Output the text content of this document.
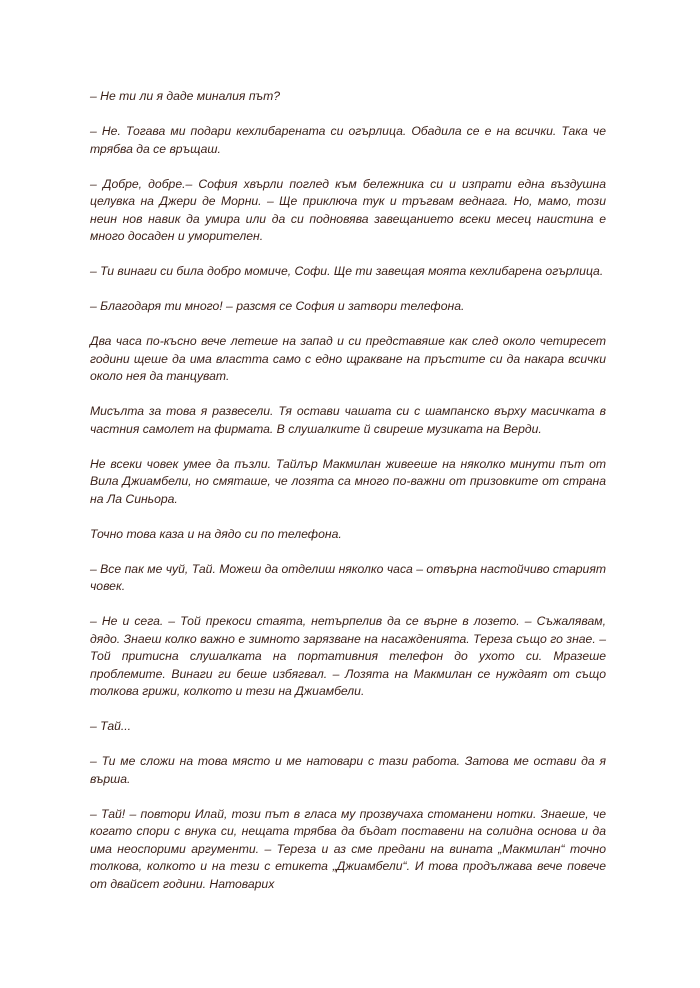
– Не ти ли я даде миналия път?

– Не. Тогава ми подари кехлибарената си огърлица. Обадила се е на всички. Така че трябва да се връщаш.

– Добре, добре.– София хвърли поглед към бележника си и изпрати една въздушна целувка на Джери де Морни. – Ще приключа тук и тръгвам веднага. Но, мамо, този неин нов навик да умира или да си подновява завещанието всеки месец наистина е много досаден и уморителен.

– Ти винаги си била добро момиче, Софи. Ще ти завещая моята кехлибарена огърлица.

– Благодаря ти много! – разсмя се София и затвори телефона.

Два часа по-късно вече летеше на запад и си представяше как след около четиресет години щеше да има властта само с едно щракване на пръстите си да накара всички около нея да танцуват.

Мисълта за това я развесели. Тя остави чашата си с шампанско върху масичката в частния самолет на фирмата. В слушалките й свиреше музиката на Верди.

Не всеки човек умее да пъзли. Тайлър Макмилан живееше на няколко минути път от Вила Джиамбели, но смяташе, че лозята са много по-важни от призовките от страна на Ла Синьора.

Точно това каза и на дядо си по телефона.

– Все пак ме чуй, Тай. Можеш да отделиш няколко часа – отвърна настойчиво старият човек.

– Не и сега. – Той прекоси стаята, нетърпелив да се върне в лозето. – Съжалявам, дядо. Знаеш колко важно е зимното зарязване на насажденията. Тереза също го знае. – Той притисна слушалката на портативния телефон до ухото си. Мразеше проблемите. Винаги ги беше избягвал. – Лозята на Макмилан се нуждаят от също толкова грижи, колкото и тези на Джиамбели.

– Тай...

– Ти ме сложи на това място и ме натовари с тази работа. Затова ме остави да я върша.

– Тай! – повтори Илай, този път в гласа му прозвучаха стоманени нотки. Знаеше, че когато спори с внука си, нещата трябва да бъдат поставени на солидна основа и да има неоспорими аргументи. – Тереза и аз сме предани на вината „Макмилан“ точно толкова, колкото и на тези с етикета „Джиамбели“. И това продължава вече повече от двайсет години. Натоварих
